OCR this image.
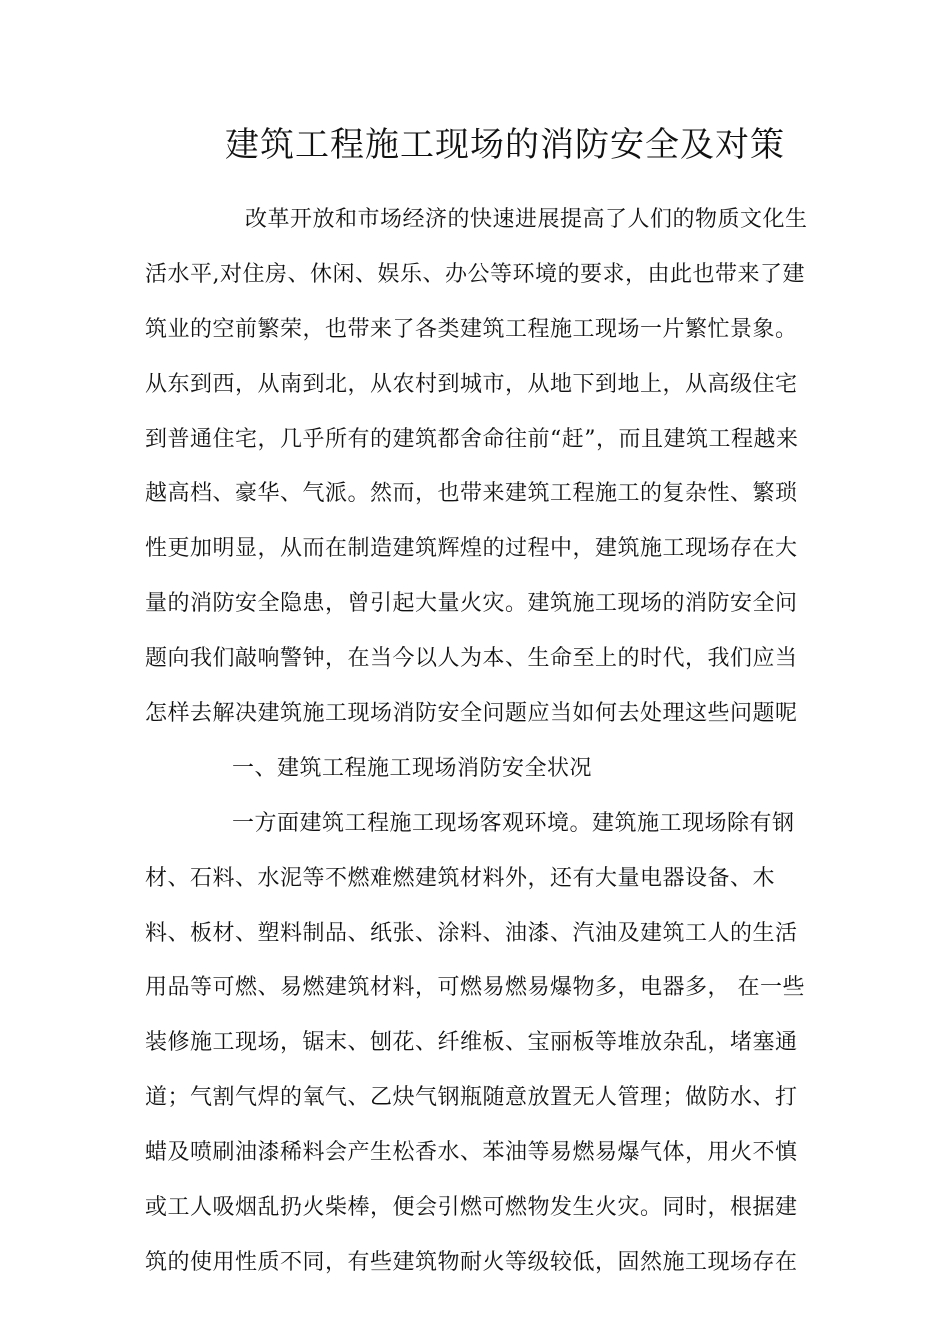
建筑工程施工现场的消防安全及对策
改革开放和市场经济的快速进展提高了人们的物质文化生
活水平,对住房、休闲、娱乐、办公等环境的要求，由此也带来了建
筑业的空前繁荣，也带来了各类建筑工程施工现场一片繁忙景象。
从东到西，从南到北，从农村到城市，从地下到地上，从高级住宅
到普通住宅，几乎所有的建筑都舍命往前“赶”，而且建筑工程越来
越高档、豪华、气派。然而，也带来建筑工程施工的复杂性、繁琐
性更加明显，从而在制造建筑辉煌的过程中，建筑施工现场存在大
量的消防安全隐患，曾引起大量火灾。建筑施工现场的消防安全问
题向我们敲响警钟，在当今以人为本、生命至上的时代，我们应当
怎样去解决建筑施工现场消防安全问题应当如何去处理这些问题呢
一、建筑工程施工现场消防安全状况
一方面建筑工程施工现场客观环境。建筑施工现场除有钢
材、石料、水泥等不燃难燃建筑材料外，还有大量电器设备、木
料、板材、塑料制品、纸张、涂料、油漆、汽油及建筑工人的生活
用品等可燃、易燃建筑材料，可燃易燃易爆物多，电器多， 在一些
装修施工现场，锯末、刨花、纤维板、宝丽板等堆放杂乱，堵塞通
道；气割气焊的氧气、乙炔气钢瓶随意放置无人管理；做防水、打
蜡及喷刷油漆稀料会产生松香水、苯油等易燃易爆气体，用火不慎
或工人吸烟乱扔火柴棒，便会引燃可燃物发生火灾。同时，根据建
筑的使用性质不同，有些建筑物耐火等级较低，固然施工现场存在
